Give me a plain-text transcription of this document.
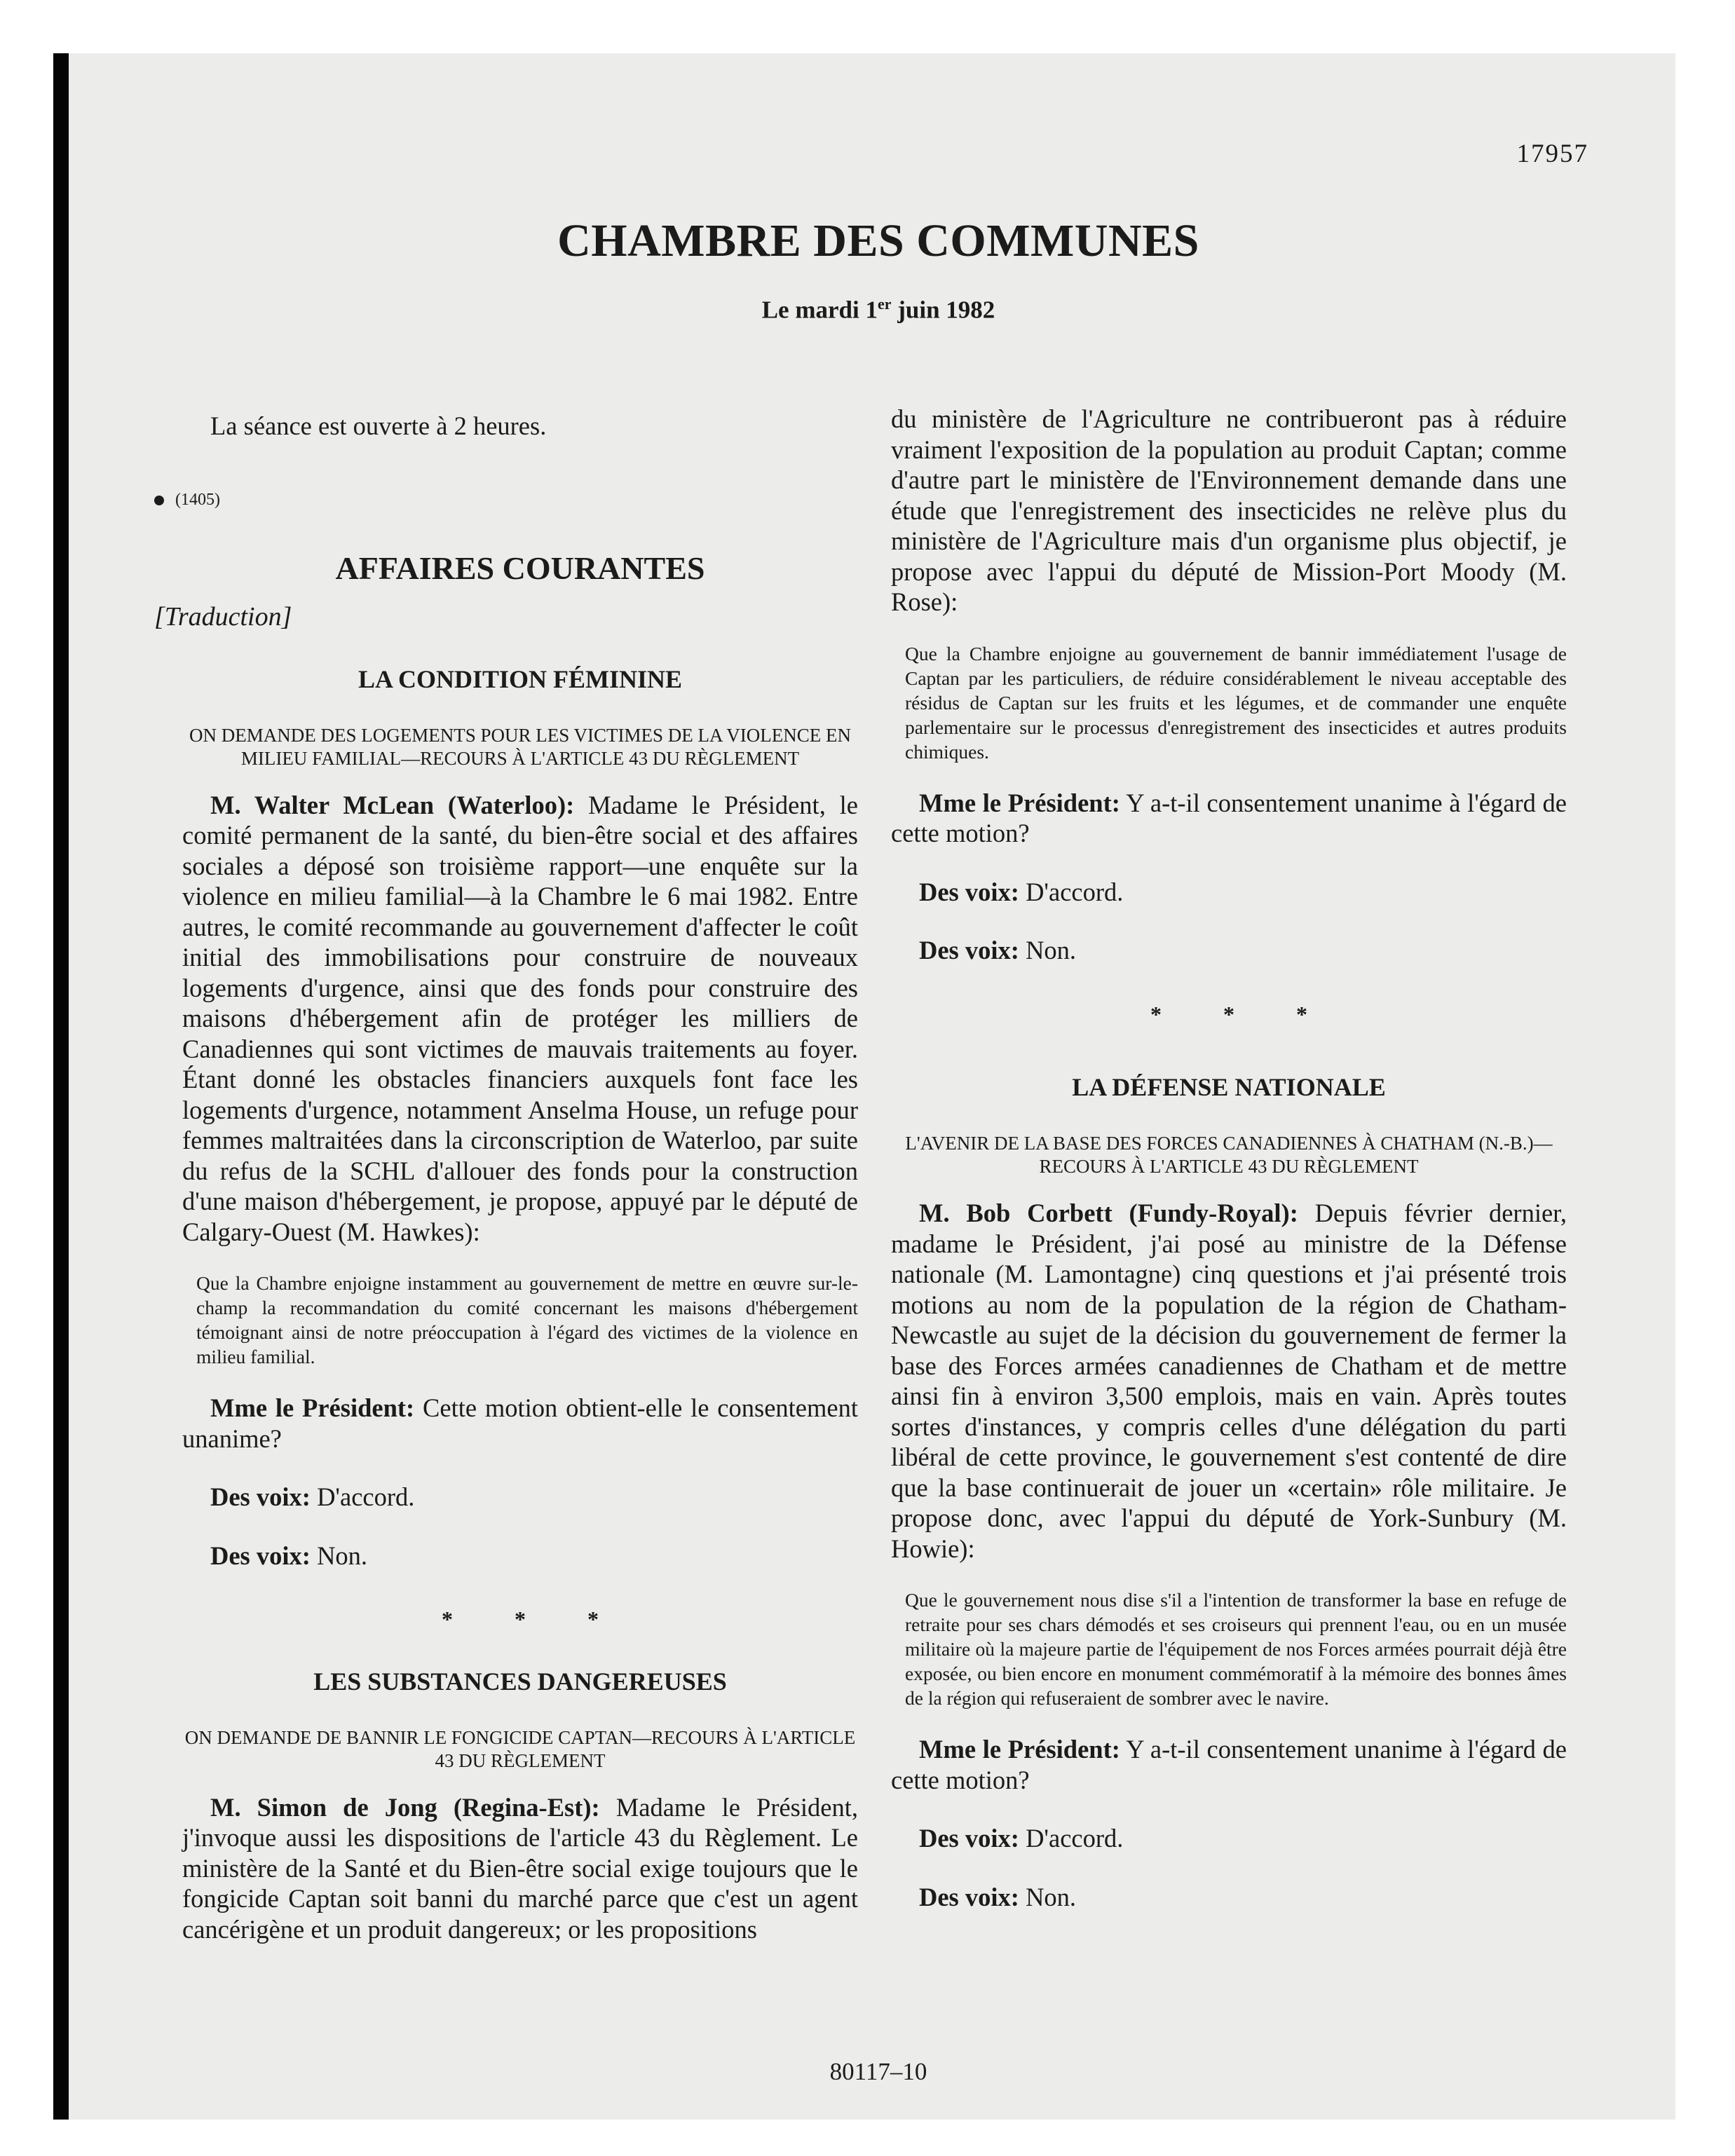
17957
CHAMBRE DES COMMUNES
Le mardi 1er juin 1982

La séance est ouverte à 2 heures.

(1405)
AFFAIRES COURANTES
[Traduction]
LA CONDITION FÉMININE
ON DEMANDE DES LOGEMENTS POUR LES VICTIMES DE LA VIOLENCE EN MILIEU FAMILIAL—RECOURS À L'ARTICLE 43 DU RÈGLEMENT

M. Walter McLean (Waterloo): Madame le Président, le comité permanent de la santé, du bien-être social et des affaires sociales a déposé son troisième rapport—une enquête sur la violence en milieu familial—à la Chambre le 6 mai 1982. Entre autres, le comité recommande au gouvernement d'affecter le coût initial des immobilisations pour construire de nouveaux logements d'urgence, ainsi que des fonds pour construire des maisons d'hébergement afin de protéger les milliers de Canadiennes qui sont victimes de mauvais traitements au foyer. Étant donné les obstacles financiers auxquels font face les logements d'urgence, notamment Anselma House, un refuge pour femmes maltraitées dans la circonscription de Waterloo, par suite du refus de la SCHL d'allouer des fonds pour la construction d'une maison d'hébergement, je propose, appuyé par le député de Calgary-Ouest (M. Hawkes):

Que la Chambre enjoigne instamment au gouvernement de mettre en œuvre sur-le-champ la recommandation du comité concernant les maisons d'hébergement témoignant ainsi de notre préoccupation à l'égard des victimes de la violence en milieu familial.

Mme le Président: Cette motion obtient-elle le consentement unanime?

Des voix: D'accord.

Des voix: Non.

* * *
LES SUBSTANCES DANGEREUSES
ON DEMANDE DE BANNIR LE FONGICIDE CAPTAN—RECOURS À L'ARTICLE 43 DU RÈGLEMENT

M. Simon de Jong (Regina-Est): Madame le Président, j'invoque aussi les dispositions de l'article 43 du Règlement. Le ministère de la Santé et du Bien-être social exige toujours que le fongicide Captan soit banni du marché parce que c'est un agent cancérigène et un produit dangereux; or les propositions

du ministère de l'Agriculture ne contribueront pas à réduire vraiment l'exposition de la population au produit Captan; comme d'autre part le ministère de l'Environnement demande dans une étude que l'enregistrement des insecticides ne relève plus du ministère de l'Agriculture mais d'un organisme plus objectif, je propose avec l'appui du député de Mission-Port Moody (M. Rose):

Que la Chambre enjoigne au gouvernement de bannir immédiatement l'usage de Captan par les particuliers, de réduire considérablement le niveau acceptable des résidus de Captan sur les fruits et les légumes, et de commander une enquête parlementaire sur le processus d'enregistrement des insecticides et autres produits chimiques.

Mme le Président: Y a-t-il consentement unanime à l'égard de cette motion?

Des voix: D'accord.

Des voix: Non.

* * *
LA DÉFENSE NATIONALE
L'AVENIR DE LA BASE DES FORCES CANADIENNES À CHATHAM (N.-B.)—RECOURS À L'ARTICLE 43 DU RÈGLEMENT

M. Bob Corbett (Fundy-Royal): Depuis février dernier, madame le Président, j'ai posé au ministre de la Défense nationale (M. Lamontagne) cinq questions et j'ai présenté trois motions au nom de la population de la région de Chatham-Newcastle au sujet de la décision du gouvernement de fermer la base des Forces armées canadiennes de Chatham et de mettre ainsi fin à environ 3,500 emplois, mais en vain. Après toutes sortes d'instances, y compris celles d'une délégation du parti libéral de cette province, le gouvernement s'est contenté de dire que la base continuerait de jouer un «certain» rôle militaire. Je propose donc, avec l'appui du député de York-Sunbury (M. Howie):

Que le gouvernement nous dise s'il a l'intention de transformer la base en refuge de retraite pour ses chars démodés et ses croiseurs qui prennent l'eau, ou en un musée militaire où la majeure partie de l'équipement de nos Forces armées pourrait déjà être exposée, ou bien encore en monument commémoratif à la mémoire des bonnes âmes de la région qui refuseraient de sombrer avec le navire.

Mme le Président: Y a-t-il consentement unanime à l'égard de cette motion?

Des voix: D'accord.

Des voix: Non.

80117–10
